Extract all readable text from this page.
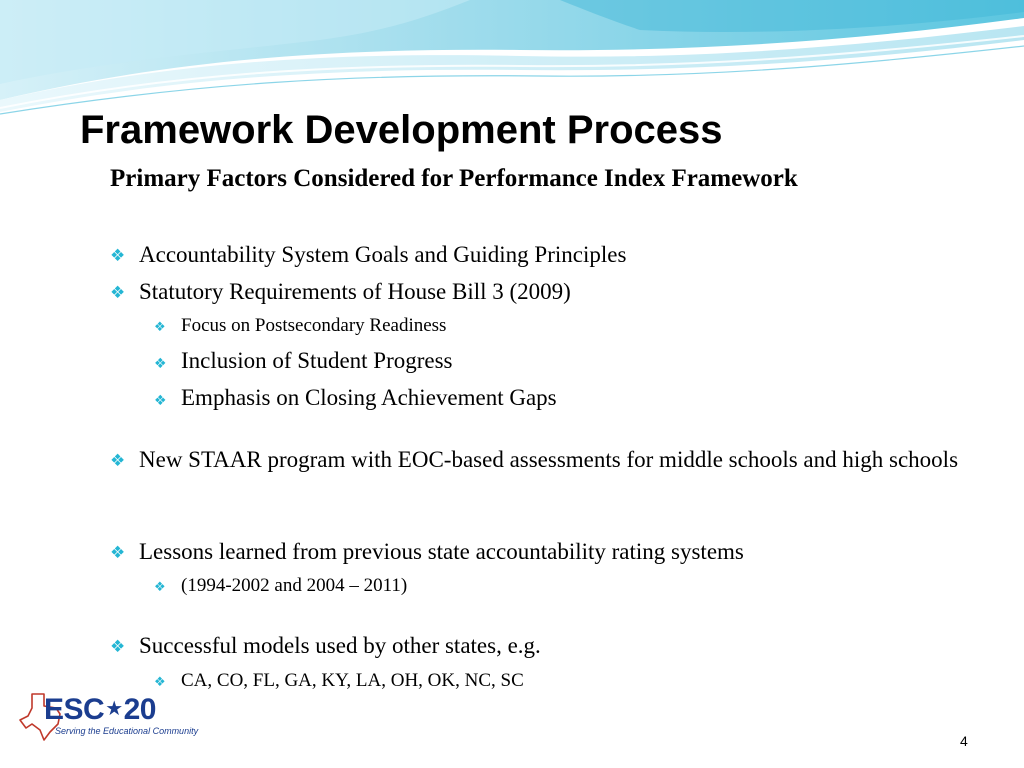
Framework Development Process
Primary Factors Considered for Performance Index Framework
❖ Accountability System Goals and Guiding Principles
❖ Statutory Requirements of House Bill 3 (2009)
❖ Focus on Postsecondary Readiness
❖ Inclusion of Student Progress
❖ Emphasis on Closing Achievement Gaps
❖ New STAAR program with EOC-based assessments for middle schools and high schools
❖ Lessons learned from previous state accountability rating systems
❖ (1994-2002 and 2004 – 2011)
❖ Successful models used by other states, e.g.
❖ CA, CO, FL, GA, KY, LA, OH, OK, NC, SC
ESC★20
Serving the Educational Community
4
